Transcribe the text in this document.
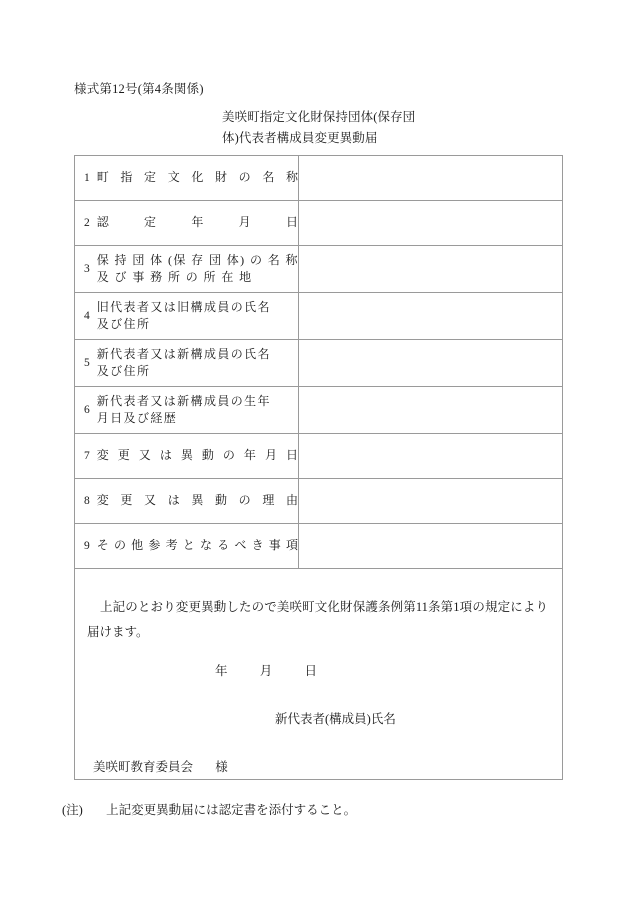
様式第12号(第4条関係)
美咲町指定文化財保持団体(保存団
体)代表者構成員変更異動届
1 町指定文化財の名称	

2 認定年月日	

3
保 持 団 体 (保 存 団 体) の 名 称
及 び 事 務 所 の 所 在 地	

4
旧代表者又は旧構成員の氏名
及び住所	

5
新代表者又は新構成員の氏名
及び住所	

6
新代表者又は新構成員の生年
月日及び経歴	

7 変更又は異動の年月日	

8 変更又は異動の理由	

9 その他参考となるべき事項	

上記のとおり変更異動したので美咲町文化財保護条例第11条第1項の規定により届けます。
年 月 日
新代表者(構成員)氏名
美咲町教育委員会 様	
(注) 上記変更異動届には認定書を添付すること。
